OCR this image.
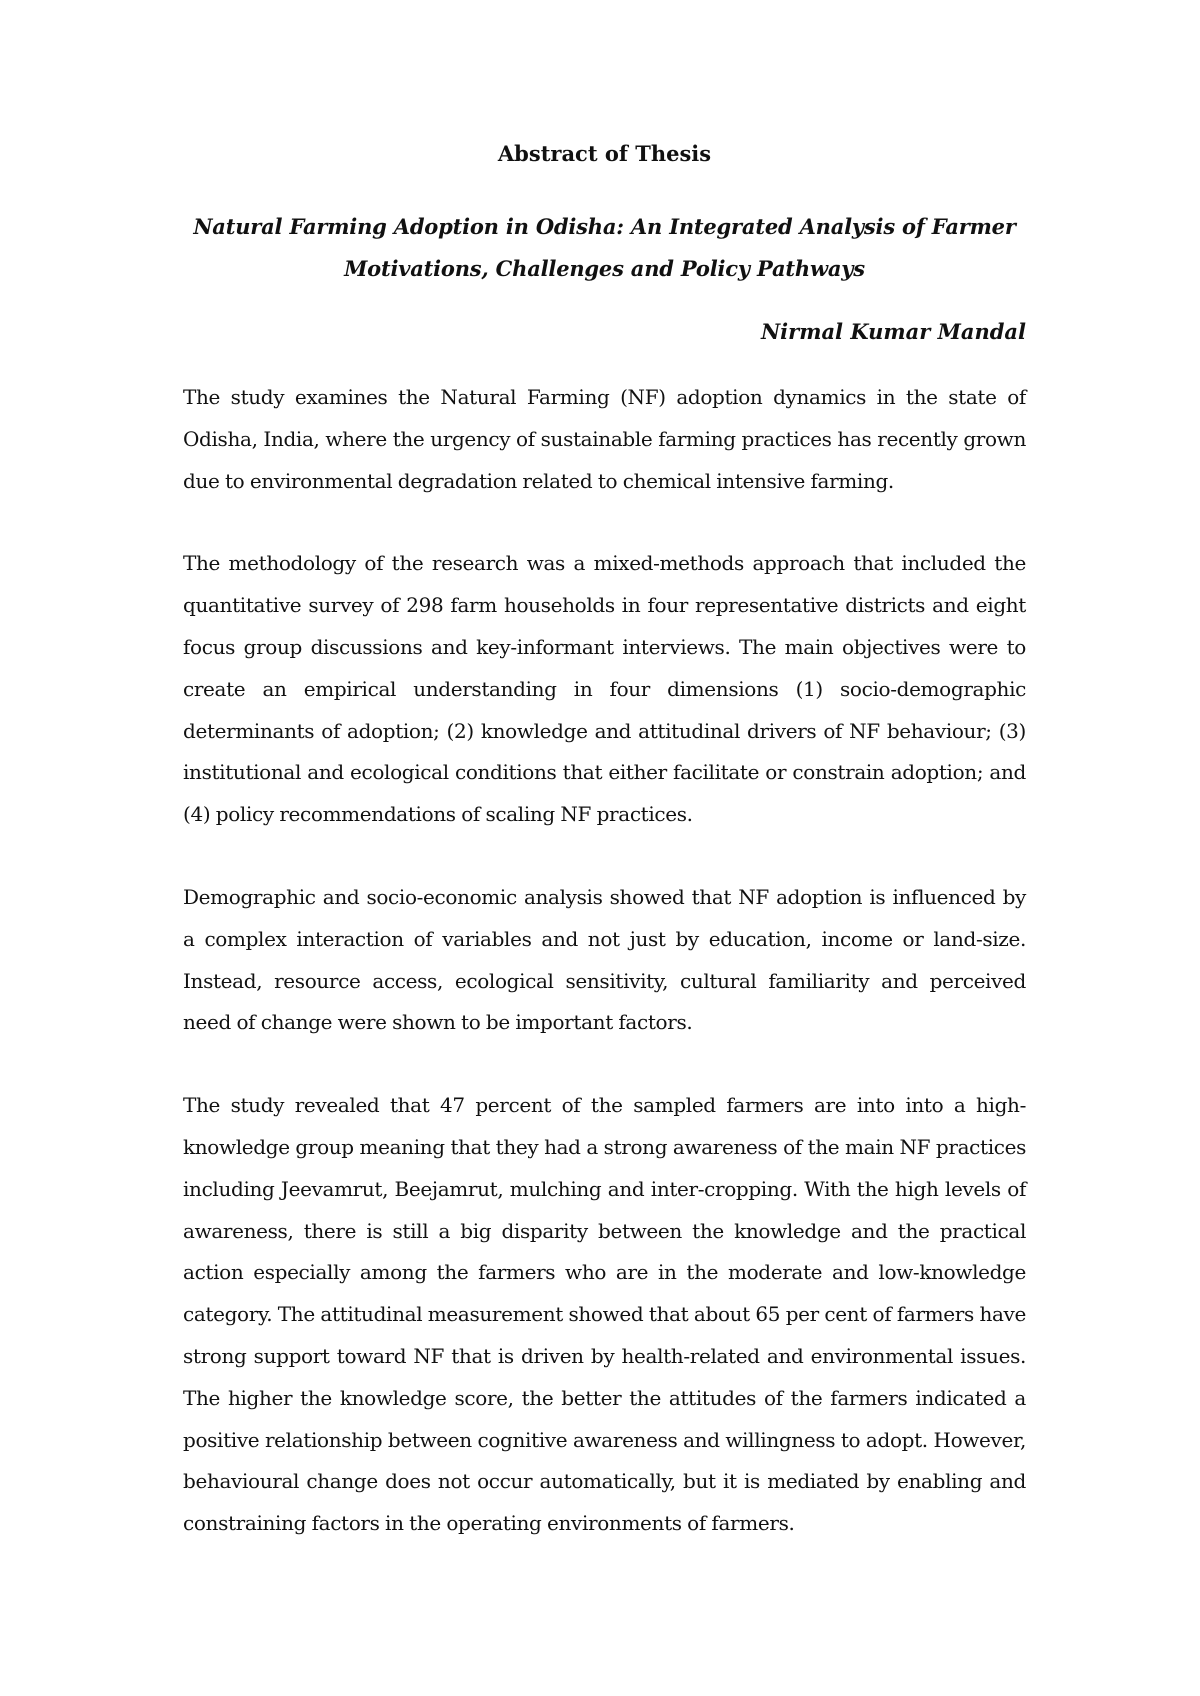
Abstract of Thesis
Natural Farming Adoption in Odisha: An Integrated Analysis of Farmer Motivations, Challenges and Policy Pathways

Nirmal Kumar Mandal

The study examines the Natural Farming (NF) adoption dynamics in the state of Odisha, India, where the urgency of sustainable farming practices has recently grown due to environmental degradation related to chemical intensive farming.

The methodology of the research was a mixed-methods approach that included the quantitative survey of 298 farm households in four representative districts and eight focus group discussions and key-informant interviews. The main objectives were to create an empirical understanding in four dimensions (1) socio-demographic determinants of adoption; (2) knowledge and attitudinal drivers of NF behaviour; (3) institutional and ecological conditions that either facilitate or constrain adoption; and (4) policy recommendations of scaling NF practices.

Demographic and socio-economic analysis showed that NF adoption is influenced by a complex interaction of variables and not just by education, income or land-size. Instead, resource access, ecological sensitivity, cultural familiarity and perceived need of change were shown to be important factors.

The study revealed that 47 percent of the sampled farmers are into into a high-knowledge group meaning that they had a strong awareness of the main NF practices including Jeevamrut, Beejamrut, mulching and inter-cropping. With the high levels of awareness, there is still a big disparity between the knowledge and the practical action especially among the farmers who are in the moderate and low-knowledge category. The attitudinal measurement showed that about 65 per cent of farmers have strong support toward NF that is driven by health-related and environmental issues. The higher the knowledge score, the better the attitudes of the farmers indicated a positive relationship between cognitive awareness and willingness to adopt. However, behavioural change does not occur automatically, but it is mediated by enabling and constraining factors in the operating environments of farmers.
